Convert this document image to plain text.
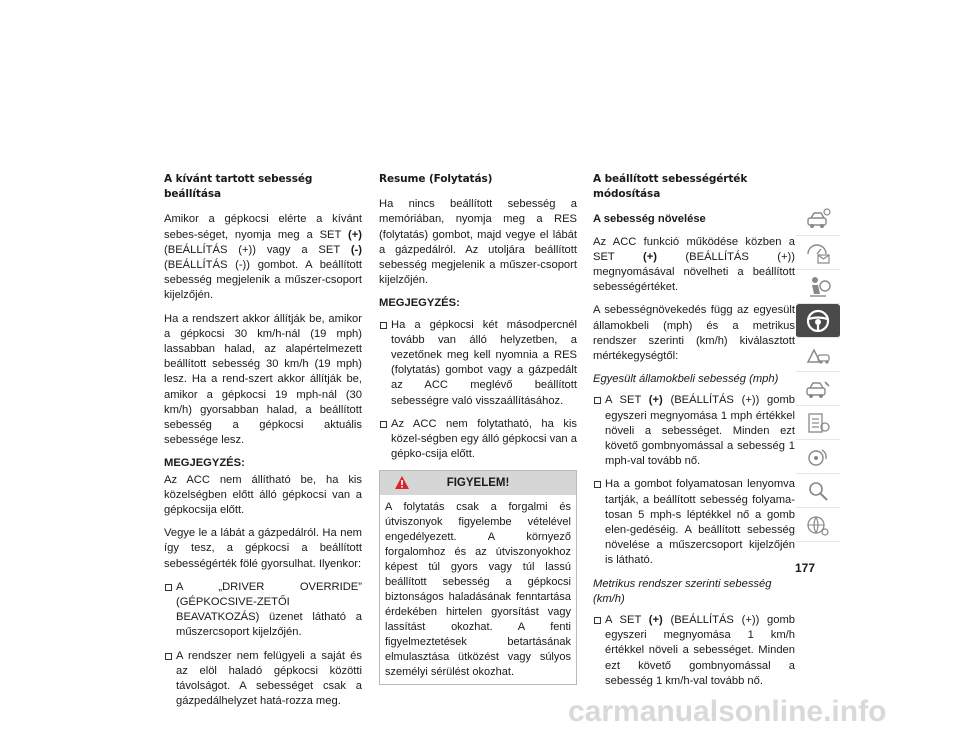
A kívánt tartott sebesség beállítása

Amikor a gépkocsi elérte a kívánt sebes-séget, nyomja meg a SET (+) (BEÁLLÍTÁS (+)) vagy a SET (-) (BEÁLLÍTÁS (-)) gombot. A beállított sebesség megjelenik a műszer-csoport kijelzőjén.

Ha a rendszert akkor állítják be, amikor a gépkocsi 30 km/h-nál (19 mph) lassabban halad, az alapértelmezett beállított sebesség 30 km/h (19 mph) lesz. Ha a rend-szert akkor állítják be, amikor a gépkocsi 19 mph-nál (30 km/h) gyorsabban halad, a beállított sebesség a gépkocsi aktuális sebessége lesz.

MEGJEGYZÉS:

Az ACC nem állítható be, ha kis közelségben előtt álló gépkocsi van a gépkocsija előtt.

Vegye le a lábát a gázpedálról. Ha nem így tesz, a gépkocsi a beállított sebességérték fölé gyorsulhat. Ilyenkor:

A „DRIVER OVERRIDE” (GÉPKOCSIVE-ZETŐI BEAVATKOZÁS) üzenet látható a műszercsoport kijelzőjén.
A rendszer nem felügyeli a saját és az elöl haladó gépkocsi közötti távolságot. A sebességet csak a gázpedálhelyzet hatá-rozza meg.
Resume (Folytatás)

Ha nincs beállított sebesség a memóriában, nyomja meg a RES (folytatás) gombot, majd vegye el lábát a gázpedálról. Az utoljára beállított sebesség megjelenik a műszer-csoport kijelzőjén.

MEGJEGYZÉS:

Ha a gépkocsi két másodpercnél tovább van álló helyzetben, a vezetőnek meg kell nyomnia a RES (folytatás) gombot vagy a gázpedált az ACC meglévő beállított sebességre való visszaállításához.
Az ACC nem folytatható, ha kis közel-ségben egy álló gépkocsi van a gépko-csija előtt.
FIGYELEM!
A folytatás csak a forgalmi és útviszonyok figyelembe vételével engedélyezett. A környező forgalomhoz és az útviszonyokhoz képest túl gyors vagy túl lassú beállított sebesség a gépkocsi biztonságos haladásának fenntartása érdekében hirtelen gyorsítást vagy lassítást okozhat. A fenti figyelmeztetések betartásának elmulasztása ütközést vagy súlyos személyi sérülést okozhat.
A beállított sebességérték módosítása
A sebesség növelése

Az ACC funkció működése közben a SET (+) (BEÁLLÍTÁS (+)) megnyomásával növelheti a beállított sebességértéket.

A sebességnövekedés függ az egyesült államokbeli (mph) és a metrikus rendszer szerinti (km/h) kiválasztott mértékegységtől:

Egyesült államokbeli sebesség (mph)

A SET (+) (BEÁLLÍTÁS (+)) gomb egyszeri megnyomása 1 mph értékkel növeli a sebességet. Minden ezt követő gombnyomással a sebesség 1 mph-val tovább nő.
Ha a gombot folyamatosan lenyomva tartják, a beállított sebesség folyama-tosan 5 mph-s léptékkel nő a gomb elen-gedéséig. A beállított sebesség növelése a műszercsoport kijelzőjén is látható.

Metrikus rendszer szerinti sebesség (km/h)

A SET (+) (BEÁLLÍTÁS (+)) gomb egyszeri megnyomása 1 km/h értékkel növeli a sebességet. Minden ezt követő gombnyomással a sebesség 1 km/h-val tovább nő.
177
carmanualsonline.info
